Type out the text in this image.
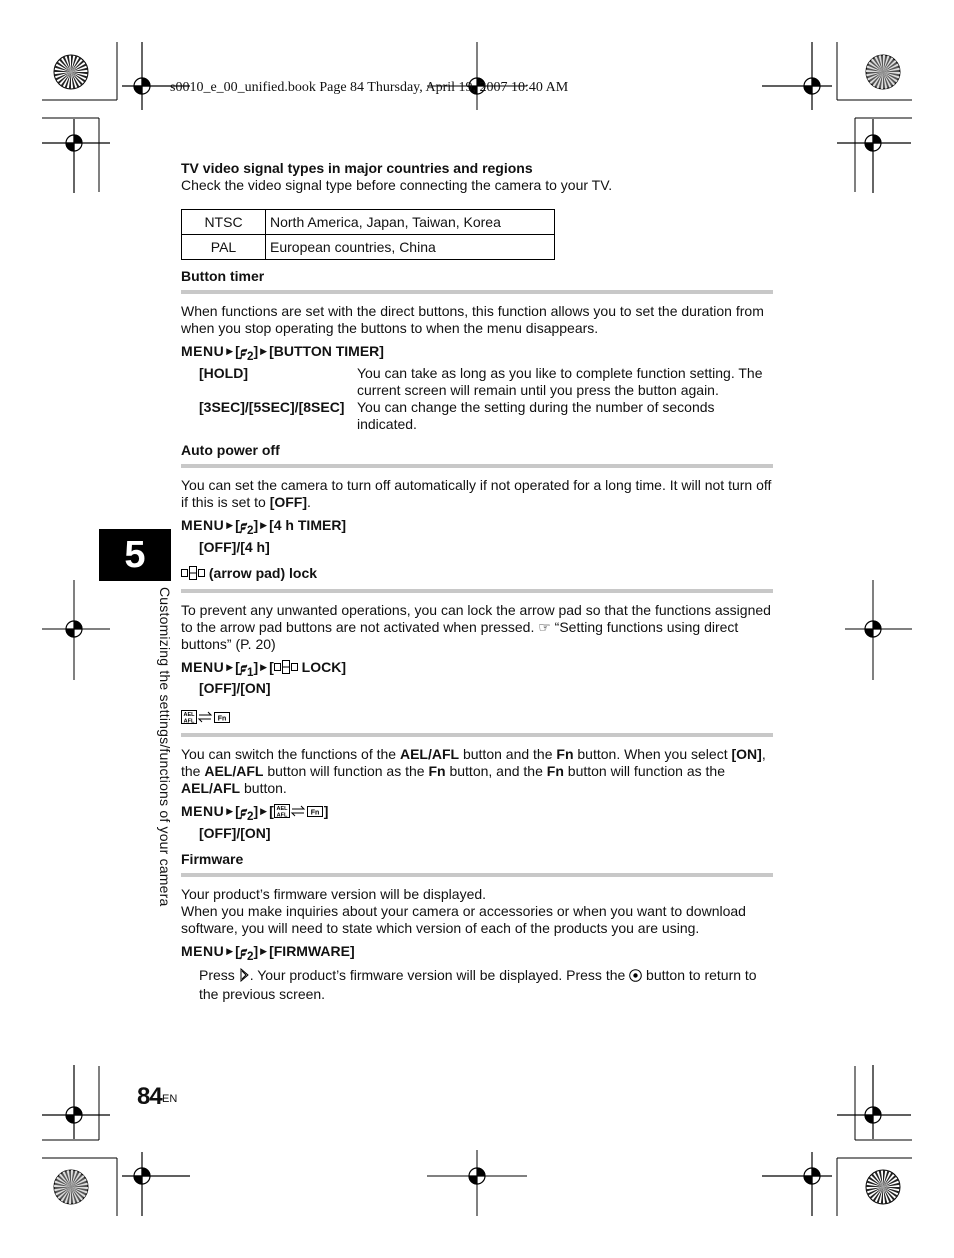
s0010_e_00_unified.book Page 84 Thursday, April 19, 2007 10:40 AM
5
Customizing the settings/functions of your camera
TV video signal types in major countries and regions

Check the video signal type before connecting the camera to your TV.

NTSC	North America, Japan, Taiwan, Korea
PAL	European countries, China
Button timer

When functions are set with the direct buttons, this function allows you to set the duration from when you stop operating the buttons to when the menu disappears.

MENU ▶ [𝟋$_2$] ▶ [BUTTON TIMER]
[HOLD]	You can take as long as you like to complete function setting. The current screen will remain until you press the button again.
[3SEC]/[5SEC]/[8SEC] You can change the setting during the number of seconds indicated.
Auto power off

You can set the camera to turn off automatically if not operated for a long time. It will not turn off if this is set to [OFF].

MENU ▶ [𝟋$_2$] ▶ [4 h TIMER]
[OFF]/[4 h]
(arrow pad) lock

To prevent any unwanted operations, you can lock the arrow pad so that the functions assigned to the arrow pad buttons are not activated when pressed. ☞ “Setting functions using direct buttons” (P. 20)

MENU ▶ [𝟋$_1$] ▶ [ LOCK]
[OFF]/[ON]
AEL
AFL	Fn

You can switch the functions of the AEL/AFL button and the Fn button. When you select [ON], the AEL/AFL button will function as the Fn button, and the Fn button will function as the AEL/AFL button.

MENU ▶ [𝟋$_2$] ▶ [ AEL
AFL	Fn ]
[OFF]/[ON]
Firmware

Your product’s firmware version will be displayed.

When you make inquiries about your camera or accessories or when you want to download software, you will need to state which version of each of the products you are using.

MENU ▶ [𝟋$_2$] ▶ [FIRMWARE]

Press . Your product’s firmware version will be displayed. Press the  button to return to the previous screen.

84 EN
